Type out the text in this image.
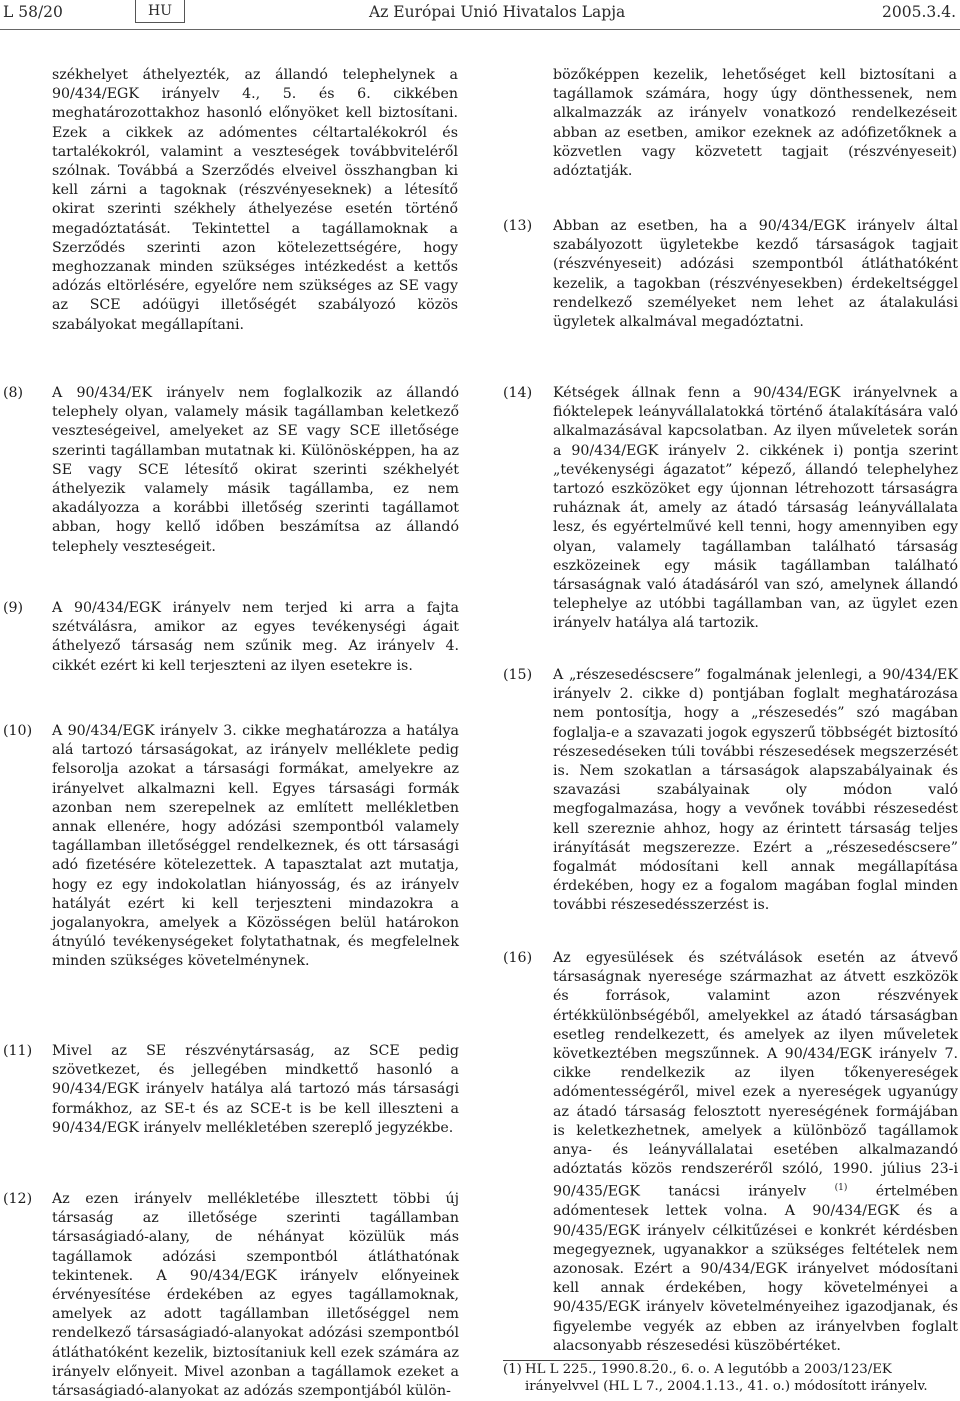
L 58/20	HU	Az Európai Unió Hivatalos Lapja	2005.3.4.

székhelyet áthelyezték, az állandó telephelynek a 90/434/EGK irányelv 4., 5. és 6. cikkében meghatározottakhoz hasonló előnyöket kell biztosítani. Ezek a cikkek az adómentes céltartalékokról és tartalékokról, valamint a veszteségek továbbviteléről szólnak. Továbbá a Szerződés elveivel összhangban ki kell zárni a tagoknak (részvényeseknek) a létesítő okirat szerinti székhely áthelyezése esetén történő megadóztatását. Tekintettel a tagállamoknak a Szerződés szerinti azon kötelezettségére, hogy meghozzanak minden szükséges intézkedést a kettős adózás eltörlésére, egyelőre nem szükséges az SE vagy az SCE adóügyi illetőségét szabályozó közös szabályokat megállapítani.

bözőképpen kezelik, lehetőséget kell biztosítani a tagállamok számára, hogy úgy dönthessenek, nem alkalmazzák az irányelv vonatkozó rendelkezéseit abban az esetben, amikor ezeknek az adófizetőknek a közvetlen vagy közvetett tagjait (részvényeseit) adóztatják.

(13) Abban az esetben, ha a 90/434/EGK irányelv által szabályozott ügyletekbe kezdő társaságok tagjait (részvényeseit) adózási szempontból átláthatóként kezelik, a tagokban (részvényesekben) érdekeltséggel rendelkező személyeket nem lehet az átalakulási ügyletek alkalmával megadóztatni.

(8) A 90/434/EK irányelv nem foglalkozik az állandó telephely olyan, valamely másik tagállamban keletkező veszteségeivel, amelyeket az SE vagy SCE illetősége szerinti tagállamban mutatnak ki. Különösképpen, ha az SE vagy SCE létesítő okirat szerinti székhelyét áthelyezik valamely másik tagállamba, ez nem akadályozza a korábbi illetőség szerinti tagállamot abban, hogy kellő időben beszámítsa az állandó telephely veszteségeit.

(9) A 90/434/EGK irányelv nem terjed ki arra a fajta szétválásra, amikor az egyes tevékenységi ágait áthelyező társaság nem szűnik meg. Az irányelv 4. cikkét ezért ki kell terjeszteni az ilyen esetekre is.

(10) A 90/434/EGK irányelv 3. cikke meghatározza a hatálya alá tartozó társaságokat, az irányelv melléklete pedig felsorolja azokat a társasági formákat, amelyekre az irányelvet alkalmazni kell. Egyes társasági formák azonban nem szerepelnek az említett mellékletben annak ellenére, hogy adózási szempontból valamely tagállamban illetőséggel rendelkeznek, és ott társasági adó fizetésére kötelezettek. A tapasztalat azt mutatja, hogy ez egy indokolatlan hiányosság, és az irányelv hatályát ezért ki kell terjeszteni mindazokra a jogalanyokra, amelyek a Közösségen belül határokon átnyúló tevékenységeket folytathatnak, és megfelelnek minden szükséges követelménynek.

(11) Mivel az SE részvénytársaság, az SCE pedig szövetkezet, és jellegében mindkettő hasonló a 90/434/EGK irányelv hatálya alá tartozó más társasági formákhoz, az SE-t és az SCE-t is be kell illeszteni a 90/434/EGK irányelv mellékletében szereplő jegyzékbe.

(12) Az ezen irányelv mellékletébe illesztett többi új társaság az illetősége szerinti tagállamban társaságiadó-alany, de néhányat közülük más tagállamok adózási szempontból átláthatónak tekintenek. A 90/434/EGK irányelv előnyeinek érvényesítése érdekében az egyes tagállamoknak, amelyek az adott tagállamban illetőséggel nem rendelkező társaságiadó-alanyokat adózási szempontból átláthatóként kezelik, biztosítaniuk kell ezek számára az irányelv előnyeit. Mivel azonban a tagállamok ezeket a társaságiadó-alanyokat az adózás szempontjából külön-

(14) Kétségek állnak fenn a 90/434/EGK irányelvnek a fióktelepek leányvállalatokká történő átalakítására való alkalmazásával kapcsolatban. Az ilyen műveletek során a 90/434/EGK irányelv 2. cikkének i) pontja szerint „tevékenységi ágazatot” képező, állandó telephelyhez tartozó eszközöket egy újonnan létrehozott társaságra ruháznak át, amely az átadó társaság leányvállalata lesz, és egyértelművé kell tenni, hogy amennyiben egy olyan, valamely tagállamban található társaság eszközeinek egy másik tagállamban található társaságnak való átadásáról van szó, amelynek állandó telephelye az utóbbi tagállamban van, az ügylet ezen irányelv hatálya alá tartozik.

(15) A „részesedéscsere” fogalmának jelenlegi, a 90/434/EK irányelv 2. cikke d) pontjában foglalt meghatározása nem pontosítja, hogy a „részesedés” szó magában foglalja-e a szavazati jogok egyszerű többségét biztosító részesedéseken túli további részesedések megszerzését is. Nem szokatlan a társaságok alapszabályainak és szavazási szabályainak oly módon való megfogalmazása, hogy a vevőnek további részesedést kell szereznie ahhoz, hogy az érintett társaság teljes irányítását megszerezze. Ezért a „részesedéscsere” fogalmát módosítani kell annak megállapítása érdekében, hogy ez a fogalom magában foglal minden további részesedésszerzést is.

(16) Az egyesülések és szétválások esetén az átvevő társaságnak nyeresége származhat az átvett eszközök és források, valamint azon részvények értékkülönbségéből, amelyekkel az átadó társaságban esetleg rendelkezett, és amelyek az ilyen műveletek következtében megszűnnek. A 90/434/EGK irányelv 7. cikke rendelkezik az ilyen tőkenyereségek adómentességéről, mivel ezek a nyereségek ugyanúgy az átadó társaság felosztott nyereségének formájában is keletkezhetnek, amelyek a különböző tagállamok anya- és leányvállalatai esetében alkalmazandó adóztatás közös rendszeréről szóló, 1990. július 23-i 90/435/EGK tanácsi irányelv	$^{(1)}$ értelmében adómentesek lettek volna. A 90/434/EGK és a 90/435/EGK irányelv célkitűzései e konkrét kérdésben megegyeznek, ugyanakkor a szükséges feltételek nem azonosak. Ezért a 90/434/EGK irányelvet módosítani kell annak érdekében, hogy követelményei a 90/435/EGK irányelv követelményeihez igazodjanak, és figyelembe vegyék az ebben az irányelvben foglalt alacsonyabb részesedési küszöbértéket.

(1) HL L 225., 1990.8.20., 6. o. A legutóbb a 2003/123/EK irányelvvel (HL L 7., 2004.1.13., 41. o.) módosított irányelv.
